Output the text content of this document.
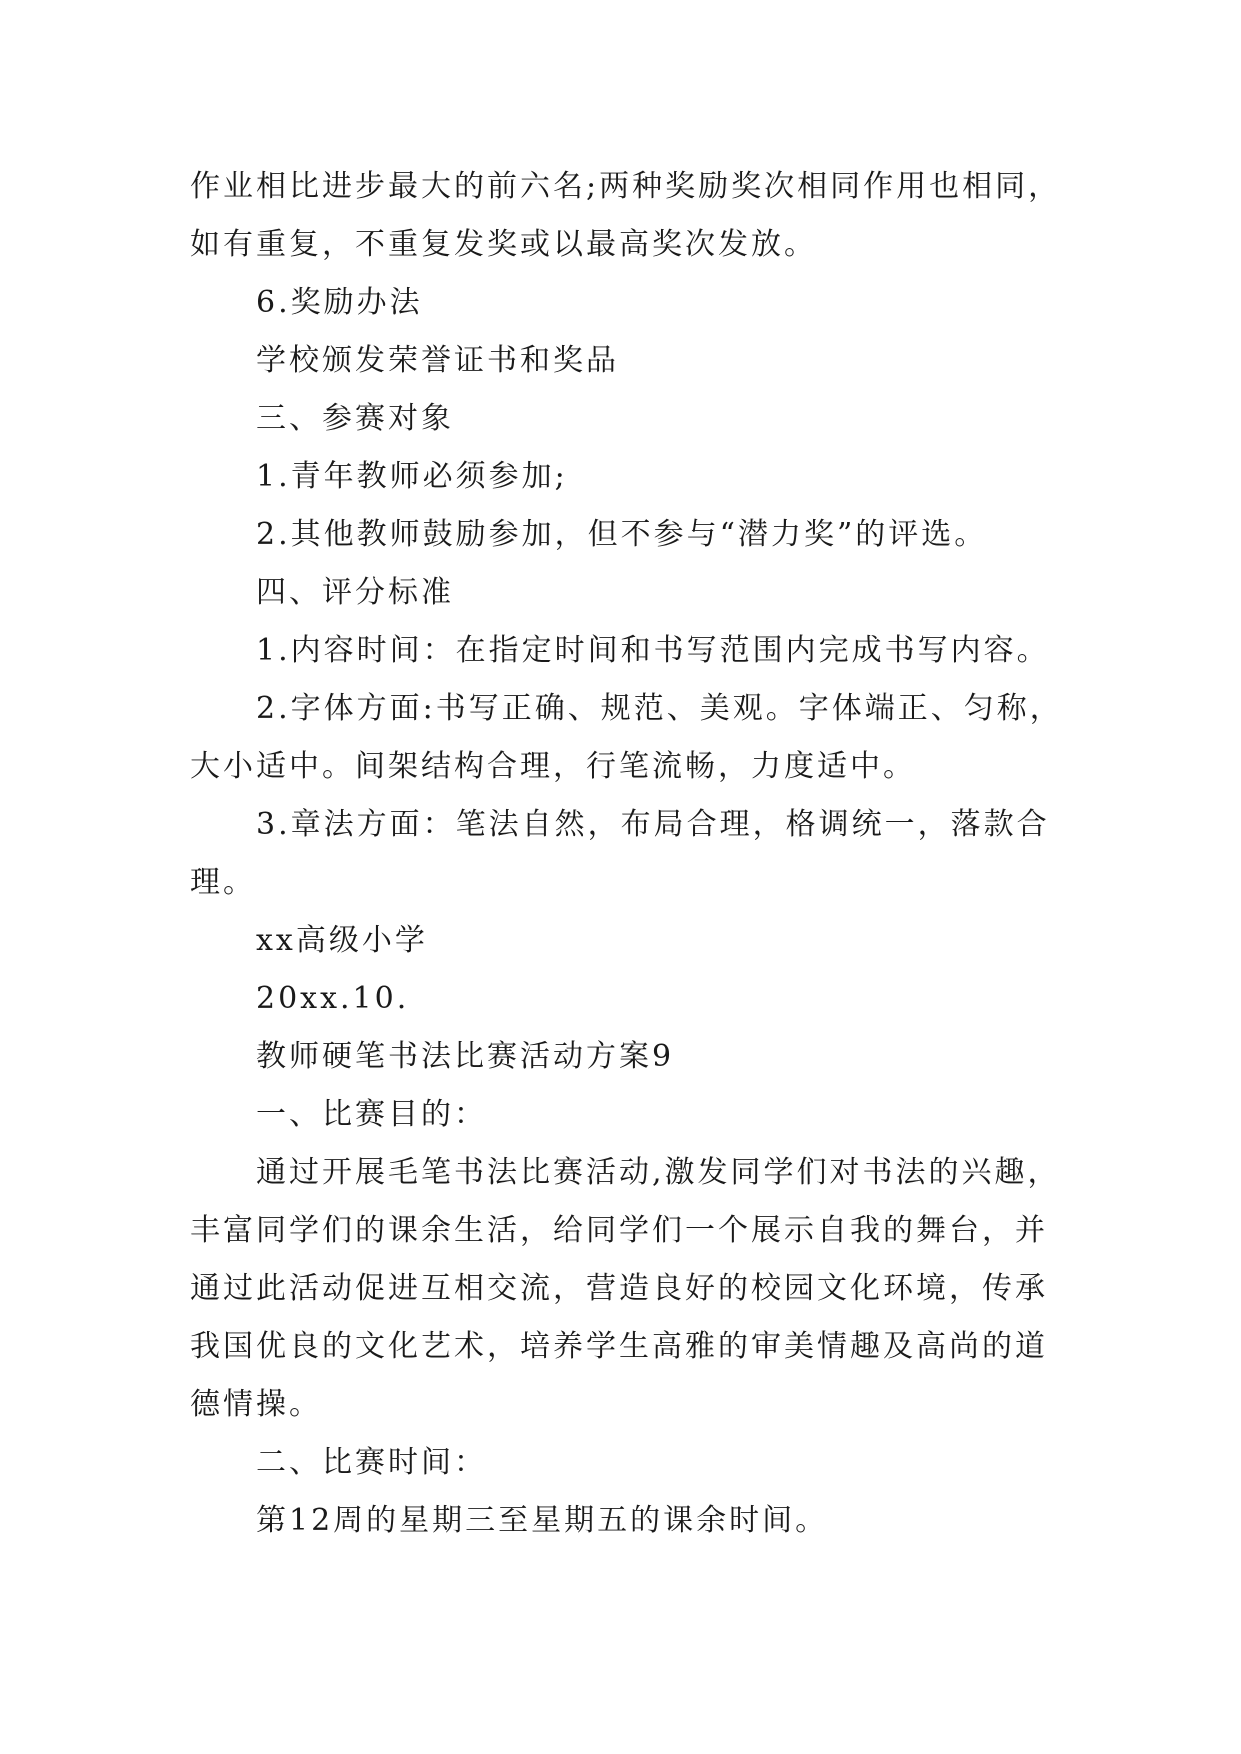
作业相比进步最大的前六名;两种奖励奖次相同作用也相同，

如有重复，不重复发奖或以最高奖次发放。

6.奖励办法

学校颁发荣誉证书和奖品

三、参赛对象

1.青年教师必须参加;

2.其他教师鼓励参加，但不参与“潜力奖”的评选。

四、评分标准

1.内容时间：在指定时间和书写范围内完成书写内容。

2.字体方面:书写正确、规范、美观。字体端正、匀称，

大小适中。间架结构合理，行笔流畅，力度适中。

3.章法方面：笔法自然，布局合理，格调统一，落款合

理。

xx高级小学

20xx.10.

教师硬笔书法比赛活动方案9

一、比赛目的：

通过开展毛笔书法比赛活动,激发同学们对书法的兴趣，

丰富同学们的课余生活，给同学们一个展示自我的舞台，并

通过此活动促进互相交流，营造良好的校园文化环境，传承

我国优良的文化艺术，培养学生高雅的审美情趣及高尚的道

德情操。

二、比赛时间：

第12周的星期三至星期五的课余时间。
